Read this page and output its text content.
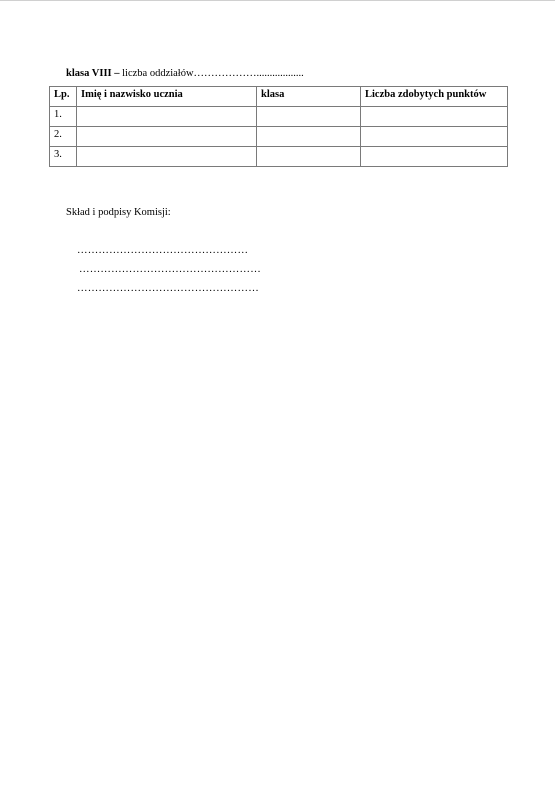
klasa VIII – liczba oddziałów………………..................
Lp.	Imię i nazwisko ucznia	klasa	Liczba zdobytych punktów
1.			
2.			
3.			
Skład i podpisy Komisji:
…………………………………………
……………………………………………
……………………………………………
